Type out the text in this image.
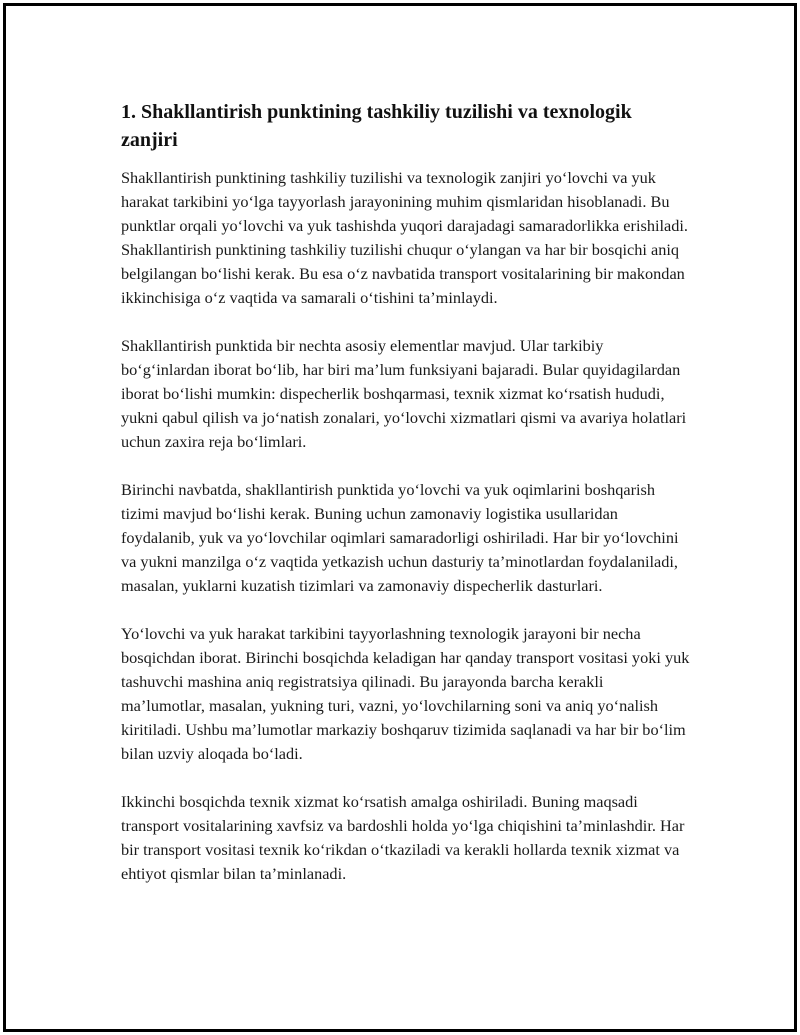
1. Shakllantirish punktining tashkiliy tuzilishi va texnologik zanjiri

Shakllantirish punktining tashkiliy tuzilishi va texnologik zanjiri yo‘lovchi va yuk harakat tarkibini yo‘lga tayyorlash jarayonining muhim qismlaridan hisoblanadi. Bu punktlar orqali yo‘lovchi va yuk tashishda yuqori darajadagi samaradorlikka erishiladi. Shakllantirish punktining tashkiliy tuzilishi chuqur o‘ylangan va har bir bosqichi aniq belgilangan bo‘lishi kerak. Bu esa o‘z navbatida transport vositalarining bir makondan ikkinchisiga o‘z vaqtida va samarali o‘tishini ta’minlaydi.

Shakllantirish punktida bir nechta asosiy elementlar mavjud. Ular tarkibiy bo‘g‘inlardan iborat bo‘lib, har biri ma’lum funksiyani bajaradi. Bular quyidagilardan iborat bo‘lishi mumkin: dispecherlik boshqarmasi, texnik xizmat ko‘rsatish hududi, yukni qabul qilish va jo‘natish zonalari, yo‘lovchi xizmatlari qismi va avariya holatlari uchun zaxira reja bo‘limlari.

Birinchi navbatda, shakllantirish punktida yo‘lovchi va yuk oqimlarini boshqarish tizimi mavjud bo‘lishi kerak. Buning uchun zamonaviy logistika usullaridan foydalanib, yuk va yo‘lovchilar oqimlari samaradorligi oshiriladi. Har bir yo‘lovchini va yukni manzilga o‘z vaqtida yetkazish uchun dasturiy ta’minotlardan foydalaniladi, masalan, yuklarni kuzatish tizimlari va zamonaviy dispecherlik dasturlari.

Yo‘lovchi va yuk harakat tarkibini tayyorlashning texnologik jarayoni bir necha bosqichdan iborat. Birinchi bosqichda keladigan har qanday transport vositasi yoki yuk tashuvchi mashina aniq registratsiya qilinadi. Bu jarayonda barcha kerakli ma’lumotlar, masalan, yukning turi, vazni, yo‘lovchilarning soni va aniq yo‘nalish kiritiladi. Ushbu ma’lumotlar markaziy boshqaruv tizimida saqlanadi va har bir bo‘lim bilan uzviy aloqada bo‘ladi.

Ikkinchi bosqichda texnik xizmat ko‘rsatish amalga oshiriladi. Buning maqsadi transport vositalarining xavfsiz va bardoshli holda yo‘lga chiqishini ta’minlashdir. Har bir transport vositasi texnik ko‘rikdan o‘tkaziladi va kerakli hollarda texnik xizmat va ehtiyot qismlar bilan ta’minlanadi.
